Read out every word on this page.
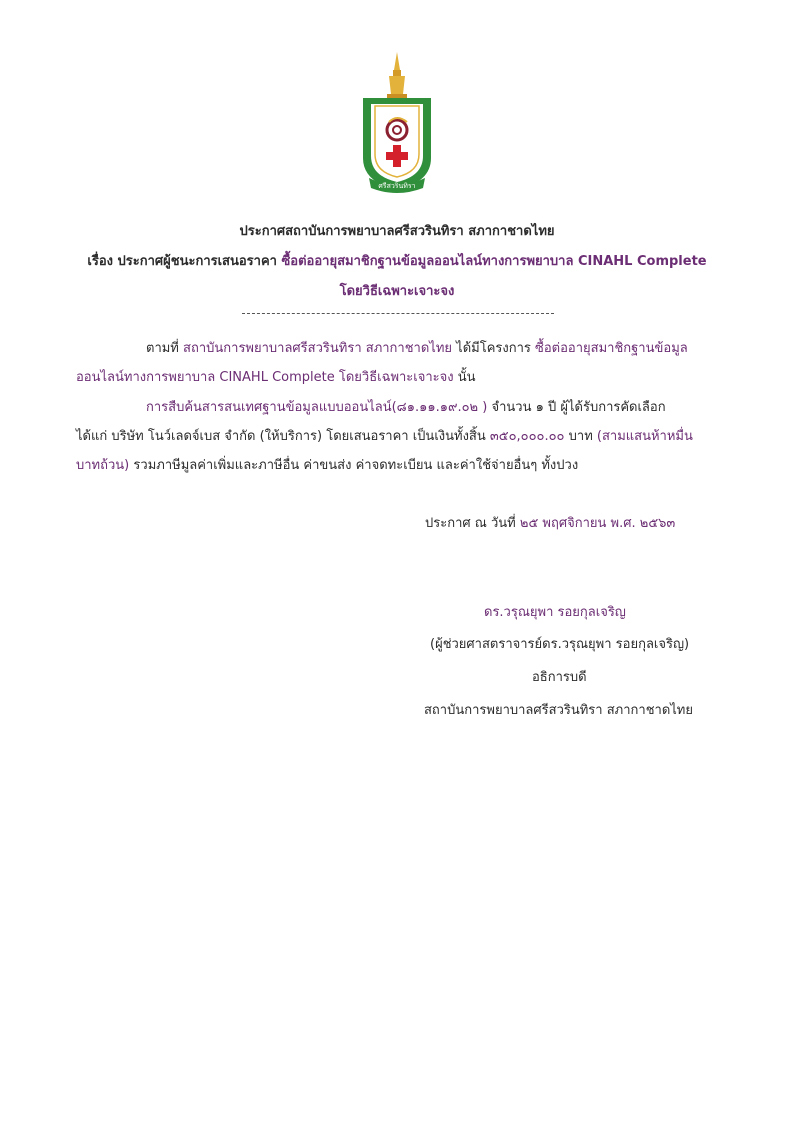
ศรีสวรินทิรา
ประกาศสถาบันการพยาบาลศรีสวรินทิรา สภากาชาดไทย
เรื่อง ประกาศผู้ชนะการเสนอราคา ซื้อต่ออายุสมาชิกฐานข้อมูลออนไลน์ทางการพยาบาล CINAHL Complete
โดยวิธีเฉพาะเจาะจง
ตามที่ สถาบันการพยาบาลศรีสวรินทิรา สภากาชาดไทย ได้มีโครงการ ซื้อต่ออายุสมาชิกฐานข้อมูล
ออนไลน์ทางการพยาบาล CINAHL Complete โดยวิธีเฉพาะเจาะจง นั้น
การสืบค้นสารสนเทศฐานข้อมูลแบบออนไลน์(๘๑.๑๑.๑๙.๐๒ ) จำนวน ๑ ปี ผู้ได้รับการคัดเลือก
ได้แก่ บริษัท โนว์เลดจ์เบส จำกัด (ให้บริการ) โดยเสนอราคา เป็นเงินทั้งสิ้น ๓๕๐,๐๐๐.๐๐ บาท (สามแสนห้าหมื่น
บาทถ้วน) รวมภาษีมูลค่าเพิ่มและภาษีอื่น ค่าขนส่ง ค่าจดทะเบียน และค่าใช้จ่ายอื่นๆ ทั้งปวง
ประกาศ ณ วันที่ ๒๕ พฤศจิกายน พ.ศ. ๒๕๖๓
ดร.วรุณยุพา รอยกุลเจริญ
(ผู้ช่วยศาสตราจารย์ดร.วรุณยุพา รอยกุลเจริญ)
อธิการบดี
สถาบันการพยาบาลศรีสวรินทิรา สภากาชาดไทย
